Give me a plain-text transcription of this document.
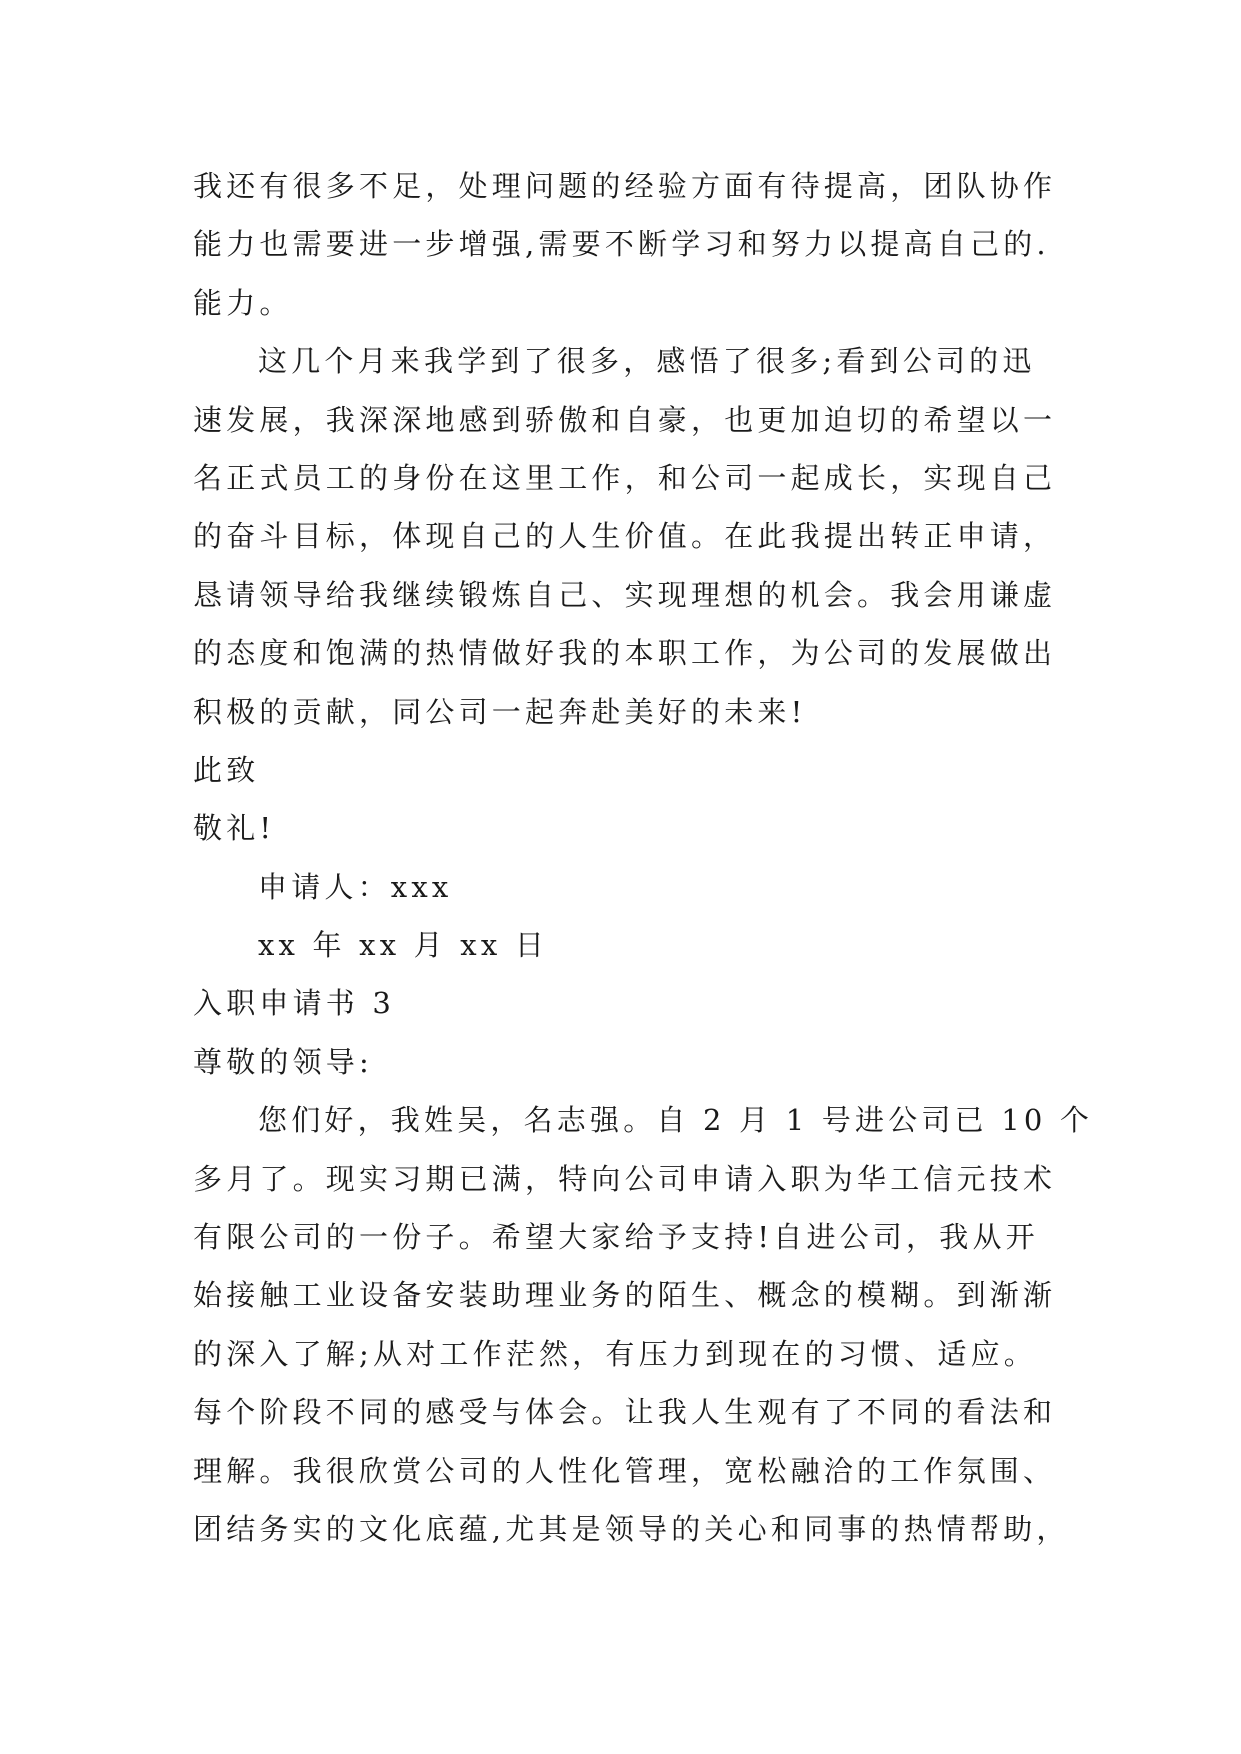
我还有很多不足，处理问题的经验方面有待提高，团队协作
能力也需要进一步增强,需要不断学习和努力以提高自己的.
能力。
这几个月来我学到了很多，感悟了很多;看到公司的迅
速发展，我深深地感到骄傲和自豪，也更加迫切的希望以一
名正式员工的身份在这里工作，和公司一起成长，实现自己
的奋斗目标，体现自己的人生价值。在此我提出转正申请，
恳请领导给我继续锻炼自己、实现理想的机会。我会用谦虚
的态度和饱满的热情做好我的本职工作，为公司的发展做出
积极的贡献，同公司一起奔赴美好的未来!
此致
敬礼!
申请人：xxx
xx 年 xx 月 xx 日
入职申请书 3
尊敬的领导:
您们好，我姓吴，名志强。自 2 月 1 号进公司已 10 个
多月了。现实习期已满，特向公司申请入职为华工信元技术
有限公司的一份子。希望大家给予支持!自进公司，我从开
始接触工业设备安装助理业务的陌生、概念的模糊。到渐渐
的深入了解;从对工作茫然，有压力到现在的习惯、适应。
每个阶段不同的感受与体会。让我人生观有了不同的看法和
理解。我很欣赏公司的人性化管理，宽松融洽的工作氛围、
团结务实的文化底蕴,尤其是领导的关心和同事的热情帮助，
